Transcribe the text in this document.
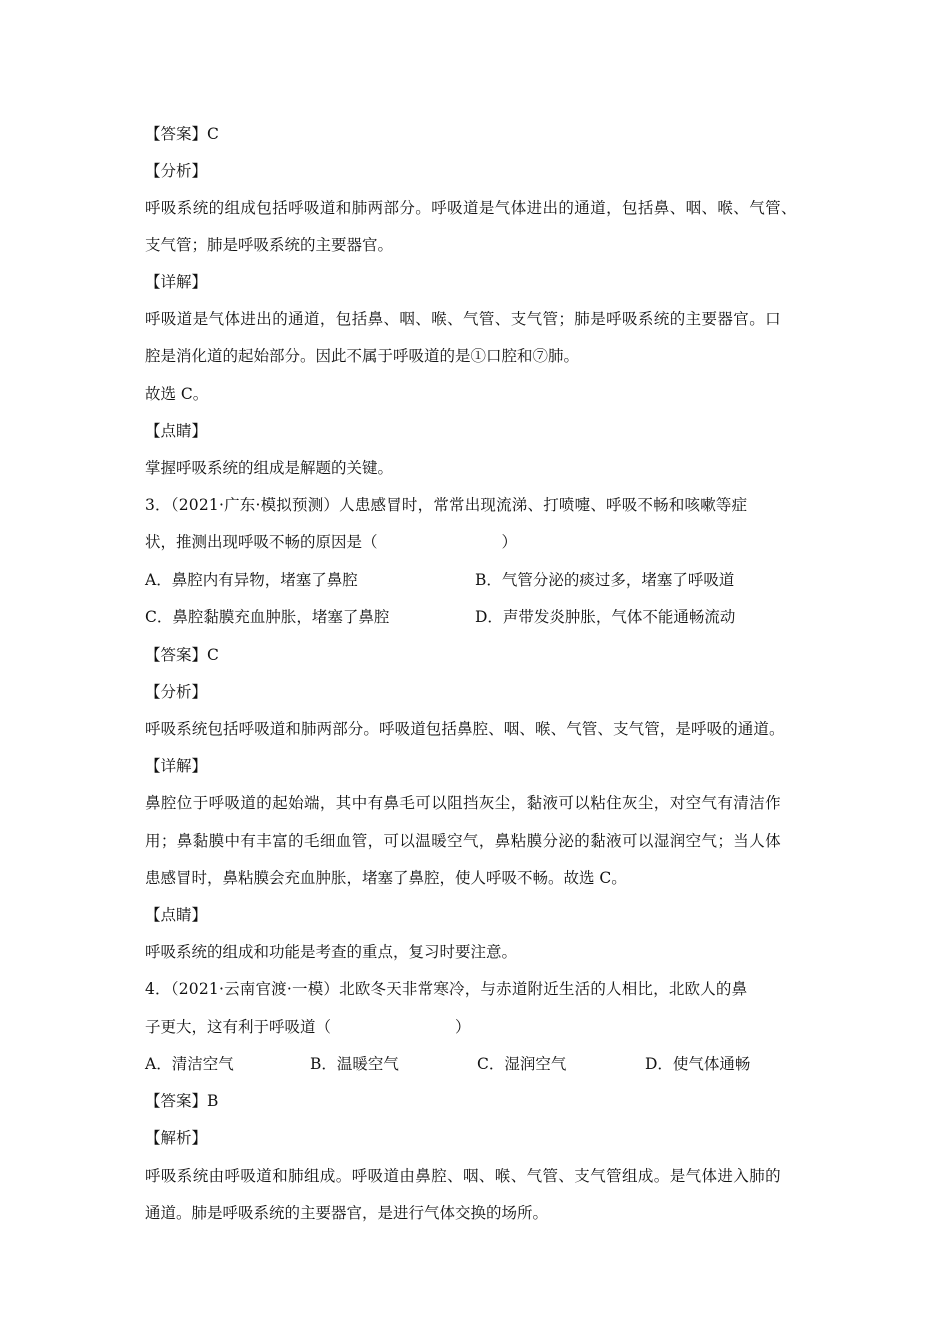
【答案】C
【分析】
呼吸系统的组成包括呼吸道和肺两部分。呼吸道是气体进出的通道，包括鼻、咽、喉、气管、
支气管；肺是呼吸系统的主要器官。
【详解】
呼吸道是气体进出的通道，包括鼻、咽、喉、气管、支气管；肺是呼吸系统的主要器官。口
腔是消化道的起始部分。因此不属于呼吸道的是①口腔和⑦肺。
故选 C。
【点睛】
掌握呼吸系统的组成是解题的关键。
3．（2021·广东·模拟预测）人患感冒时，常常出现流涕、打喷嚏、呼吸不畅和咳嗽等症
状，推测出现呼吸不畅的原因是（　　　　　　　　）
A．鼻腔内有异物，堵塞了鼻腔	B．气管分泌的痰过多，堵塞了呼吸道
C．鼻腔黏膜充血肿胀，堵塞了鼻腔	D．声带发炎肿胀，气体不能通畅流动
【答案】C
【分析】
呼吸系统包括呼吸道和肺两部分。呼吸道包括鼻腔、咽、喉、气管、支气管，是呼吸的通道。
【详解】
鼻腔位于呼吸道的起始端，其中有鼻毛可以阻挡灰尘，黏液可以粘住灰尘，对空气有清洁作
用；鼻黏膜中有丰富的毛细血管，可以温暖空气，鼻粘膜分泌的黏液可以湿润空气；当人体
患感冒时，鼻粘膜会充血肿胀，堵塞了鼻腔，使人呼吸不畅。故选 C。
【点睛】
呼吸系统的组成和功能是考查的重点，复习时要注意。
4．（2021·云南官渡·一模）北欧冬天非常寒冷，与赤道附近生活的人相比，北欧人的鼻
子更大，这有利于呼吸道（　　　　　　　　）
A．清洁空气	B．温暖空气	C．湿润空气	D．使气体通畅
【答案】B
【解析】
呼吸系统由呼吸道和肺组成。呼吸道由鼻腔、咽、喉、气管、支气管组成。是气体进入肺的
通道。肺是呼吸系统的主要器官，是进行气体交换的场所。
